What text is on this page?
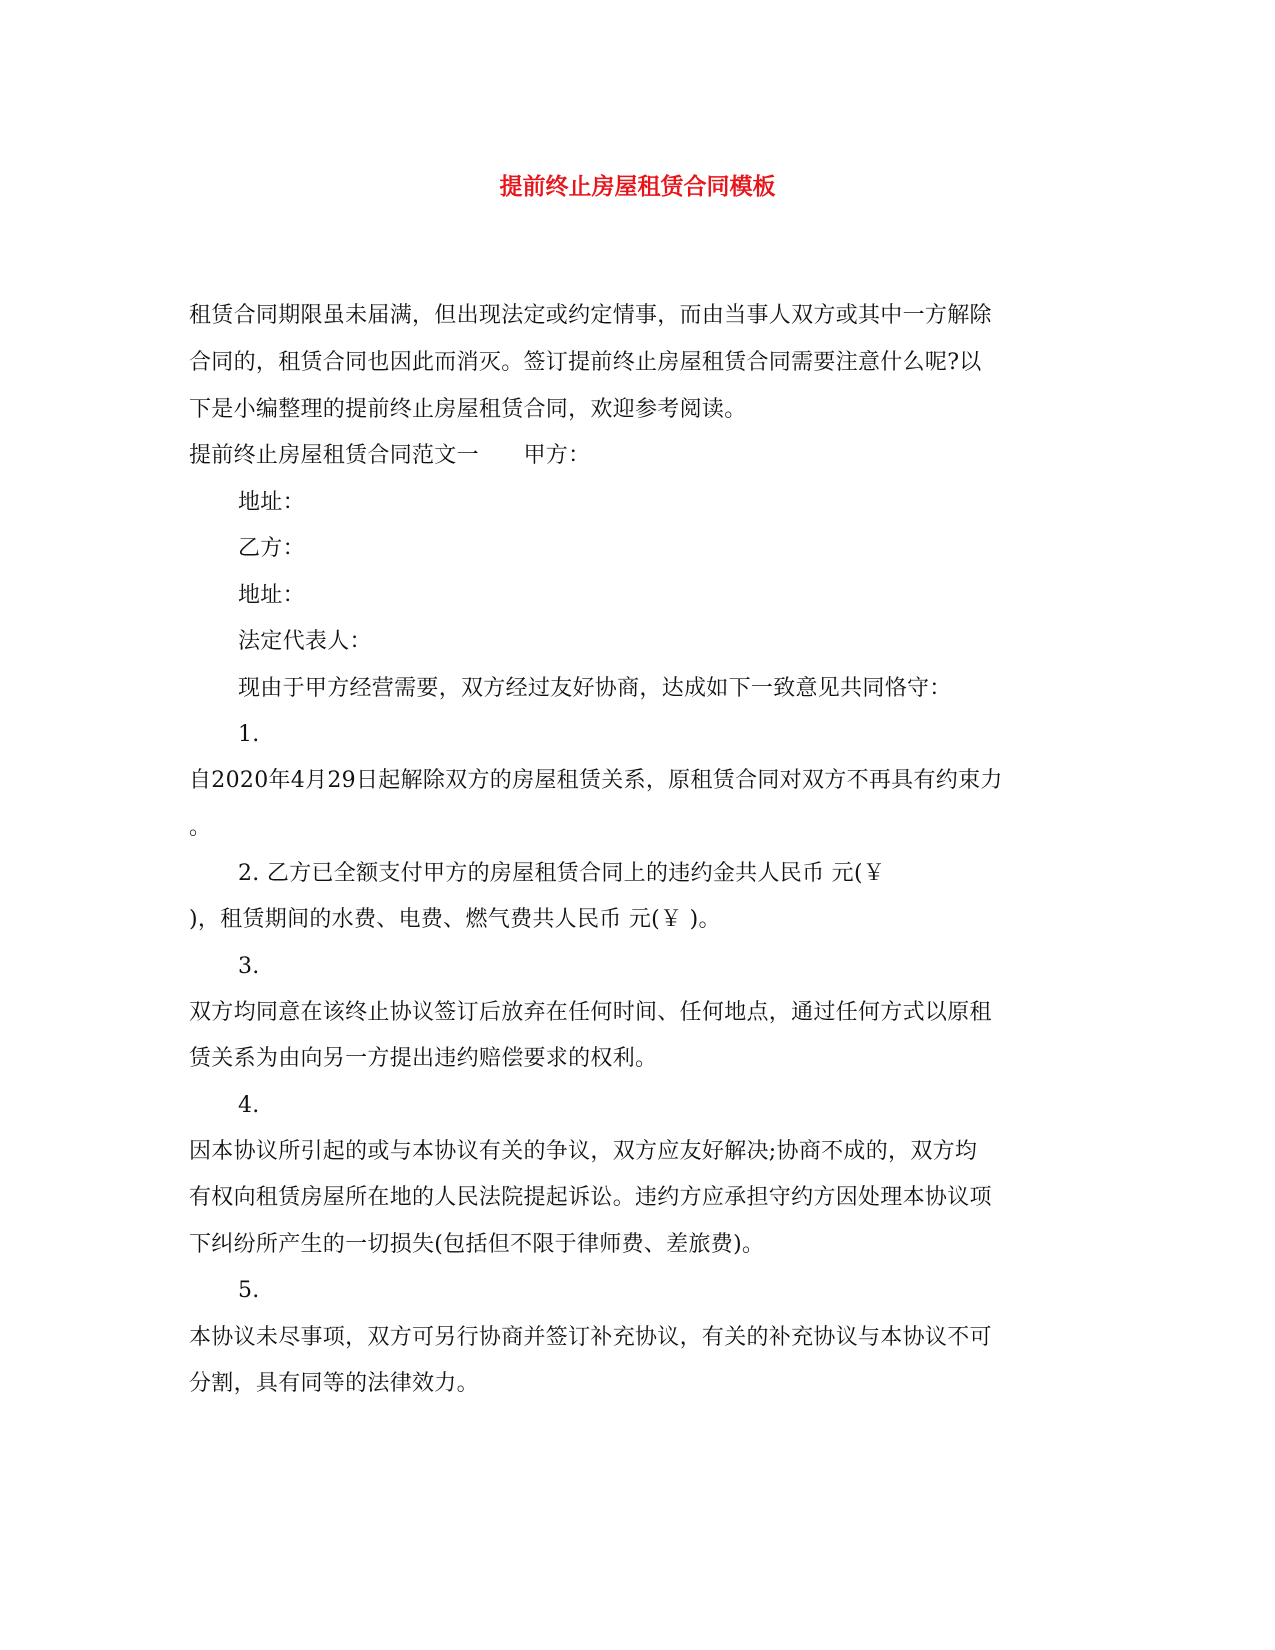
提前终止房屋租赁合同模板
租赁合同期限虽未届满，但出现法定或约定情事，而由当事人双方或其中一方解除
合同的，租赁合同也因此而消灭。签订提前终止房屋租赁合同需要注意什么呢?以
下是小编整理的提前终止房屋租赁合同，欢迎参考阅读。
提前终止房屋租赁合同范文一　　甲方：
地址：
乙方：
地址：
法定代表人：
现由于甲方经营需要，双方经过友好协商，达成如下一致意见共同恪守：
1.
自2020年4月29日起解除双方的房屋租赁关系，原租赁合同对双方不再具有约束力
。
2. 乙方已全额支付甲方的房屋租赁合同上的违约金共人民币 元(￥
)，租赁期间的水费、电费、燃气费共人民币 元(￥ )。
3.
双方均同意在该终止协议签订后放弃在任何时间、任何地点，通过任何方式以原租
赁关系为由向另一方提出违约赔偿要求的权利。
4.
因本协议所引起的或与本协议有关的争议，双方应友好解决;协商不成的，双方均
有权向租赁房屋所在地的人民法院提起诉讼。违约方应承担守约方因处理本协议项
下纠纷所产生的一切损失(包括但不限于律师费、差旅费)。
5.
本协议未尽事项，双方可另行协商并签订补充协议，有关的补充协议与本协议不可
分割，具有同等的法律效力。
